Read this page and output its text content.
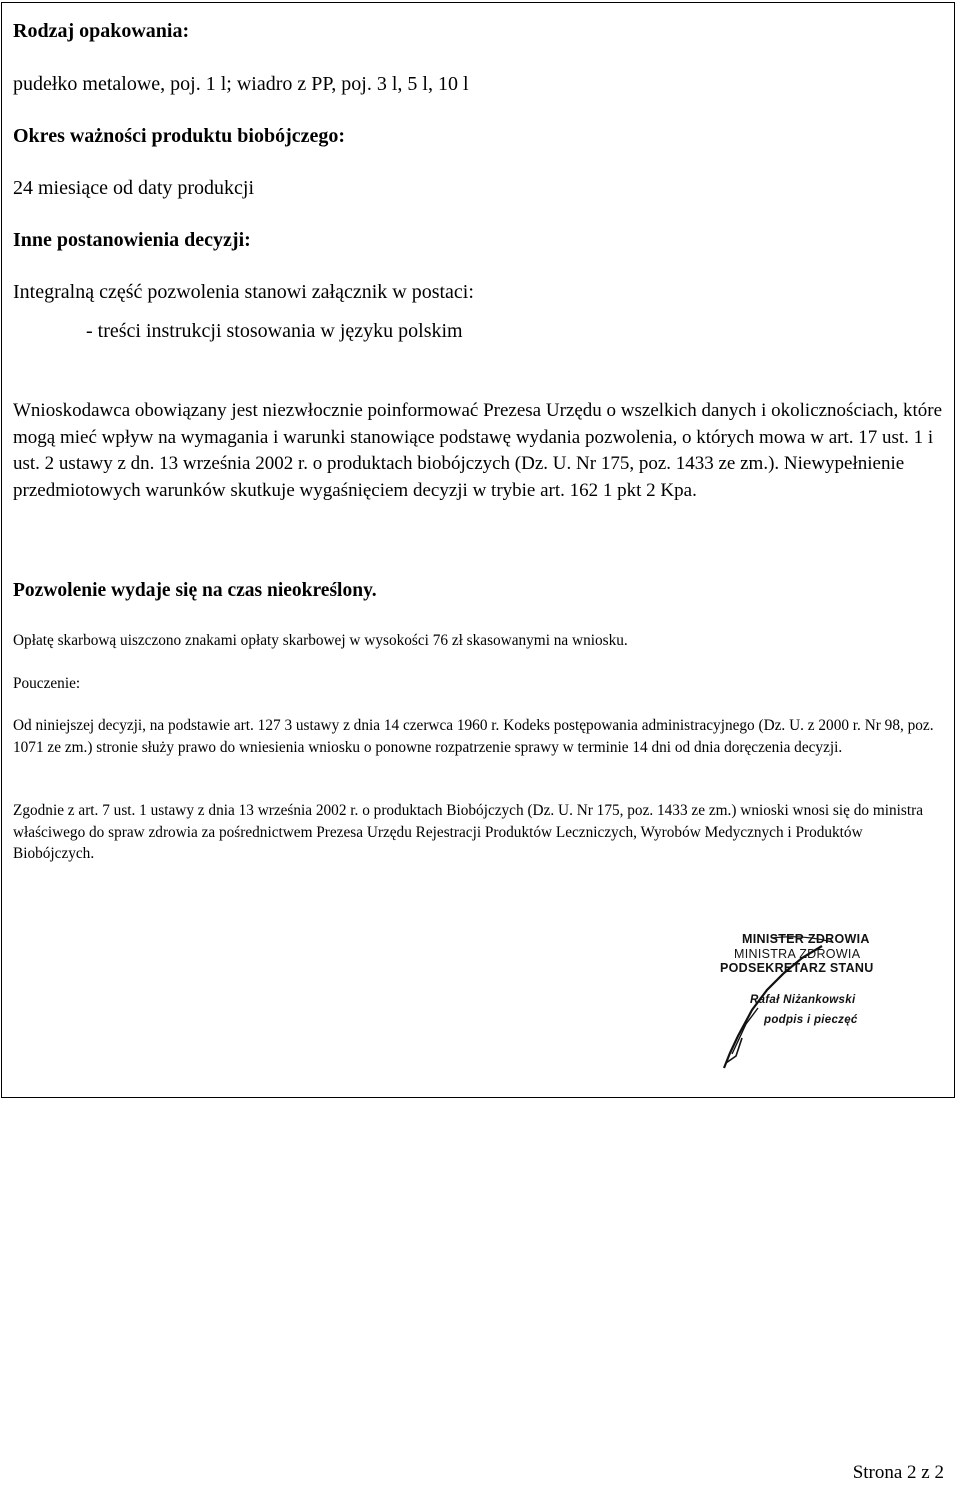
Rodzaj opakowania:

pudełko metalowe, poj. 1 l; wiadro z PP, poj. 3 l, 5 l, 10 l

Okres ważności produktu biobójczego:

24 miesiące od daty produkcji

Inne postanowienia decyzji:

Integralną część pozwolenia stanowi załącznik w postaci:

- treści instrukcji stosowania w języku polskim

Wnioskodawca obowiązany jest niezwłocznie poinformować Prezesa Urzędu o wszelkich danych i okolicznościach, które mogą mieć wpływ na wymagania i warunki stanowiące podstawę wydania pozwolenia, o których mowa w art. 17 ust. 1 i ust. 2 ustawy z dn. 13 września 2002 r. o produktach biobójczych (Dz. U. Nr 175, poz. 1433 ze zm.). Niewypełnienie przedmiotowych warunków skutkuje wygaśnięciem decyzji w trybie art. 162 1 pkt 2 Kpa.

Pozwolenie wydaje się na czas nieokreślony.

Opłatę skarbową uiszczono znakami opłaty skarbowej w wysokości 76 zł skasowanymi na wniosku.

Pouczenie:

Od niniejszej decyzji, na podstawie art. 127 3 ustawy z dnia 14 czerwca 1960 r. Kodeks postępowania administracyjnego (Dz. U. z 2000 r. Nr 98, poz. 1071 ze zm.) stronie służy prawo do wniesienia wniosku o ponowne rozpatrzenie sprawy w terminie 14 dni od dnia doręczenia decyzji.

Zgodnie z art. 7 ust. 1 ustawy z dnia 13 września 2002 r. o produktach Biobójczych (Dz. U. Nr 175, poz. 1433 ze zm.) wnioski wnosi się do ministra właściwego do spraw zdrowia za pośrednictwem Prezesa Urzędu Rejestracji Produktów Leczniczych, Wyrobów Medycznych i Produktów Biobójczych.

MINISTER ZDROWIA
MINISTRA ZDROWIA
PODSEKRETARZ STANU
Rafał Niżankowski
podpis i pieczęć
Strona 2 z 2
